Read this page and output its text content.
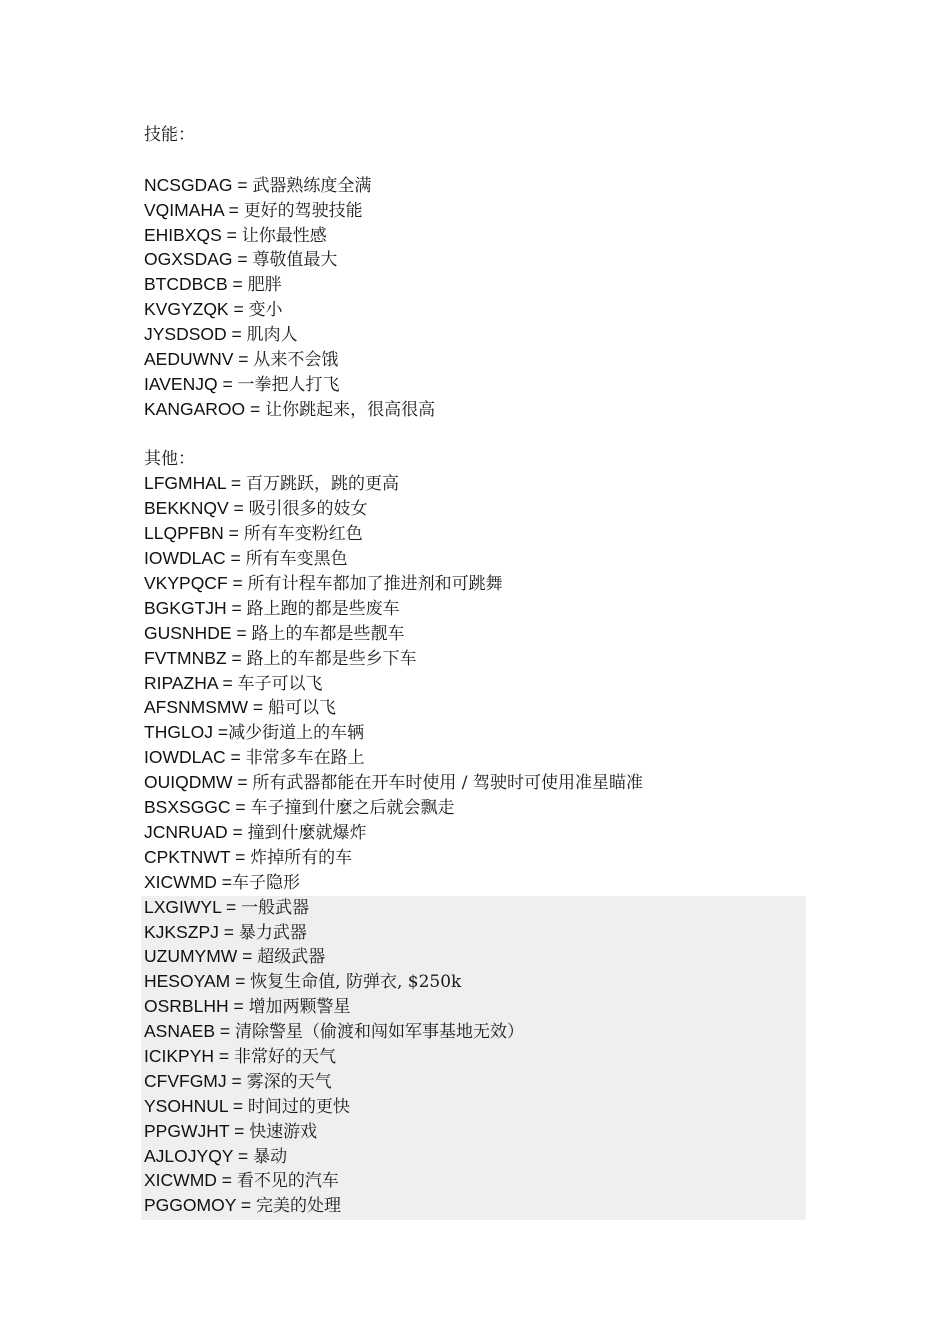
技能：
NCSGDAG = 武器熟练度全满
VQIMAHA = 更好的驾驶技能
EHIBXQS = 让你最性感
OGXSDAG = 尊敬值最大
BTCDBCB = 肥胖
KVGYZQK = 变小
JYSDSOD = 肌肉人
AEDUWNV = 从来不会饿
IAVENJQ = 一拳把人打飞
KANGAROO = 让你跳起来，很高很高
其他：
LFGMHAL = 百万跳跃，跳的更高
BEKKNQV = 吸引很多的妓女
LLQPFBN = 所有车变粉红色
IOWDLAC = 所有车变黑色
VKYPQCF = 所有计程车都加了推进剂和可跳舞
BGKGTJH = 路上跑的都是些废车
GUSNHDE = 路上的车都是些靓车
FVTMNBZ = 路上的车都是些乡下车
RIPAZHA = 车子可以飞
AFSNMSMW = 船可以飞
THGLOJ =减少街道上的车辆
IOWDLAC = 非常多车在路上
OUIQDMW = 所有武器都能在开车时使用 / 驾驶时可使用准星瞄准
BSXSGGC = 车子撞到什麼之后就会飘走
JCNRUAD = 撞到什麼就爆炸
CPKTNWT = 炸掉所有的车
XICWMD =车子隐形
LXGIWYL = 一般武器
KJKSZPJ = 暴力武器
UZUMYMW = 超级武器
HESOYAM = 恢复生命值, 防弹衣, $250k
OSRBLHH = 增加两颗警星
ASNAEB = 清除警星（偷渡和闯如军事基地无效）
ICIKPYH = 非常好的天气
CFVFGMJ = 雾深的天气
YSOHNUL = 时间过的更快
PPGWJHT = 快速游戏
AJLOJYQY = 暴动
XICWMD = 看不见的汽车
PGGOMOY = 完美的处理
